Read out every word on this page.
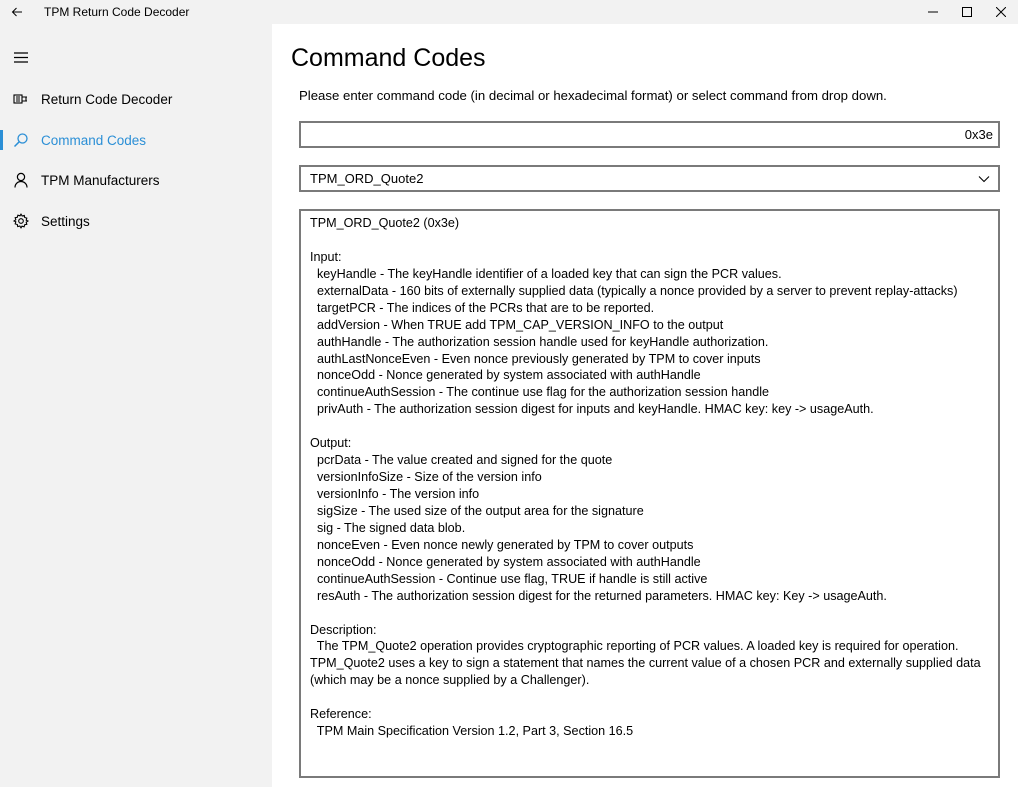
TPM Return Code Decoder
Return Code Decoder
Command Codes
TPM Manufacturers
Settings
Command Codes
Please enter command code (in decimal or hexadecimal format) or select command from drop down.
0x3e
TPM_ORD_Quote2
TPM_ORD_Quote2 (0x3e)
Input:
keyHandle - The keyHandle identifier of a loaded key that can sign the PCR values.
externalData - 160 bits of externally supplied data (typically a nonce provided by a server to prevent replay-attacks)
targetPCR - The indices of the PCRs that are to be reported.
addVersion - When TRUE add TPM_CAP_VERSION_INFO to the output
authHandle - The authorization session handle used for keyHandle authorization.
authLastNonceEven - Even nonce previously generated by TPM to cover inputs
nonceOdd - Nonce generated by system associated with authHandle
continueAuthSession - The continue use flag for the authorization session handle
privAuth - The authorization session digest for inputs and keyHandle. HMAC key: key -> usageAuth.
Output:
pcrData - The value created and signed for the quote
versionInfoSize - Size of the version info
versionInfo - The version info
sigSize - The used size of the output area for the signature
sig - The signed data blob.
nonceEven - Even nonce newly generated by TPM to cover outputs
nonceOdd - Nonce generated by system associated with authHandle
continueAuthSession - Continue use flag, TRUE if handle is still active
resAuth - The authorization session digest for the returned parameters. HMAC key: Key -> usageAuth.
Description:
The TPM_Quote2 operation provides cryptographic reporting of PCR values. A loaded key is required for operation.
TPM_Quote2 uses a key to sign a statement that names the current value of a chosen PCR and externally supplied data
(which may be a nonce supplied by a Challenger).
Reference:
TPM Main Specification Version 1.2, Part 3, Section 16.5
